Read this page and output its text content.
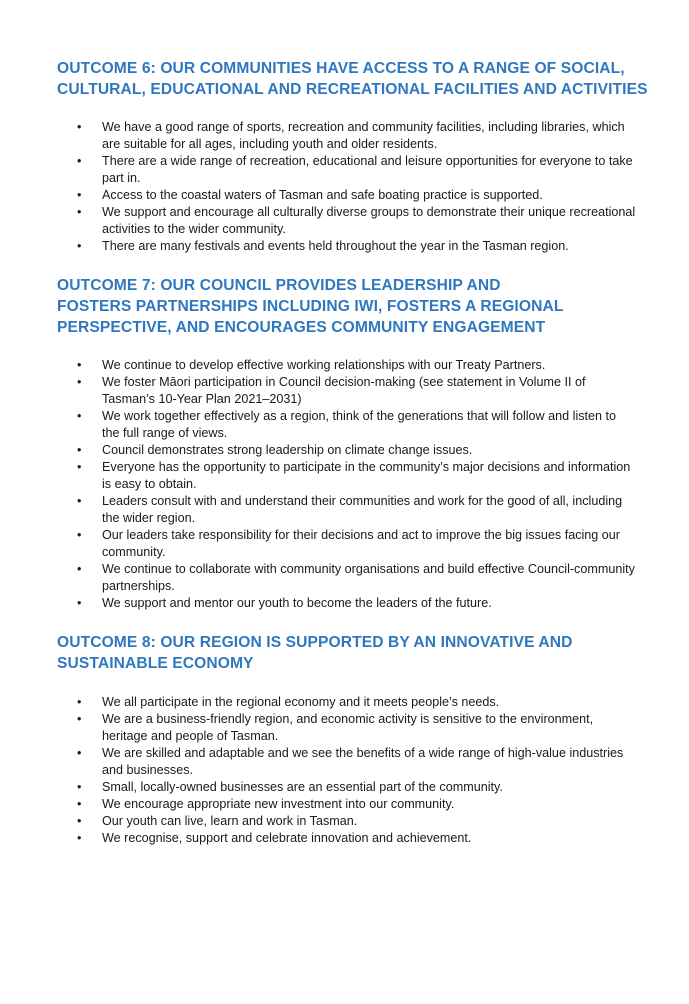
OUTCOME 6: OUR COMMUNITIES HAVE ACCESS TO A RANGE OF SOCIAL, CULTURAL, EDUCATIONAL AND RECREATIONAL FACILITIES AND ACTIVITIES
• We have a good range of sports, recreation and community facilities, including libraries, which are suitable for all ages, including youth and older residents.
• There are a wide range of recreation, educational and leisure opportunities for everyone to take part in.
• Access to the coastal waters of Tasman and safe boating practice is supported.
• We support and encourage all culturally diverse groups to demonstrate their unique recreational activities to the wider community.
• There are many festivals and events held throughout the year in the Tasman region.
OUTCOME 7: OUR COUNCIL PROVIDES LEADERSHIP AND FOSTERS PARTNERSHIPS INCLUDING IWI, FOSTERS A REGIONAL PERSPECTIVE, AND ENCOURAGES COMMUNITY ENGAGEMENT
• We continue to develop effective working relationships with our Treaty Partners.
• We foster Māori participation in Council decision-making (see statement in Volume II of Tasman’s 10-Year Plan 2021–2031)
• We work together effectively as a region, think of the generations that will follow and listen to the full range of views.
• Council demonstrates strong leadership on climate change issues.
• Everyone has the opportunity to participate in the community’s major decisions and information is easy to obtain.
• Leaders consult with and understand their communities and work for the good of all, including the wider region.
• Our leaders take responsibility for their decisions and act to improve the big issues facing our community.
• We continue to collaborate with community organisations and build effective Council-community partnerships.
• We support and mentor our youth to become the leaders of the future.
OUTCOME 8: OUR REGION IS SUPPORTED BY AN INNOVATIVE AND SUSTAINABLE ECONOMY
• We all participate in the regional economy and it meets people’s needs.
• We are a business-friendly region, and economic activity is sensitive to the environment, heritage and people of Tasman.
• We are skilled and adaptable and we see the benefits of a wide range of high-value industries and businesses.
• Small, locally-owned businesses are an essential part of the community.
• We encourage appropriate new investment into our community.
• Our youth can live, learn and work in Tasman.
• We recognise, support and celebrate innovation and achievement.
